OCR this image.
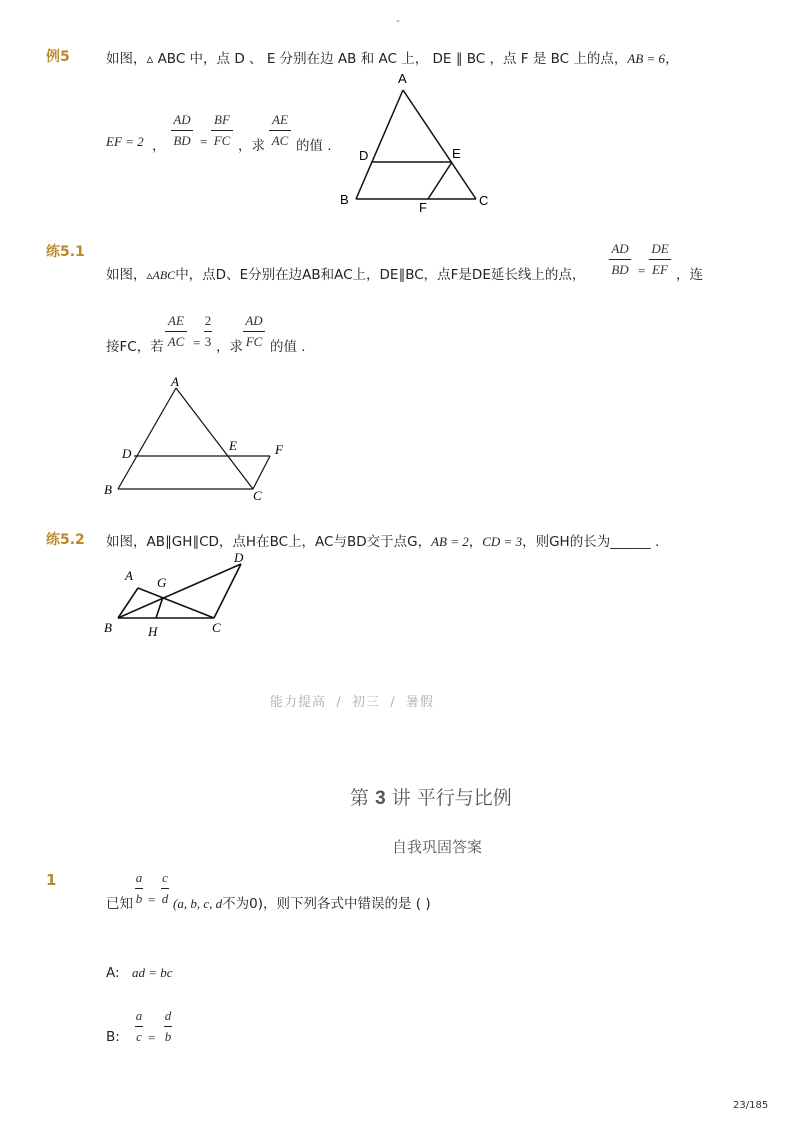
-
例5	如图，▵ ABC 中，点 D 、 E 分别在边 AB 和 AC 上， DE ∥ BC ，点 F 是 BC 上的点，AB = 6，
EF = 2 ，
AD
BD =
BF
FC ，求
AE
AC 的值 .
A
D	E
B	C
F
练5.1
如图，▵ABC中，点D、E分别在边AB和AC上，DE∥BC，点F是DE延长线上的点，
AD
BD =
DE
EF ，连
接FC，若
AE
AC =
2
3 ，求
AD
FC 的值 .
A
D
E	F
B	C
练5.2 如图，AB∥GH∥CD，点H在BC上，AC与BD交于点G，AB = 2，CD = 3，则GH的长为______ .
A G
D
B	H	C
能力提高 / 初三 / 暑假
第 3 讲 平行与比例
自我巩固答案
1
已知
a
b =
c
d (a, b, c, d不为0)，则下列各式中错误的是 ( )
A: ad = bc
B:
a
c =
d
b
23/185
